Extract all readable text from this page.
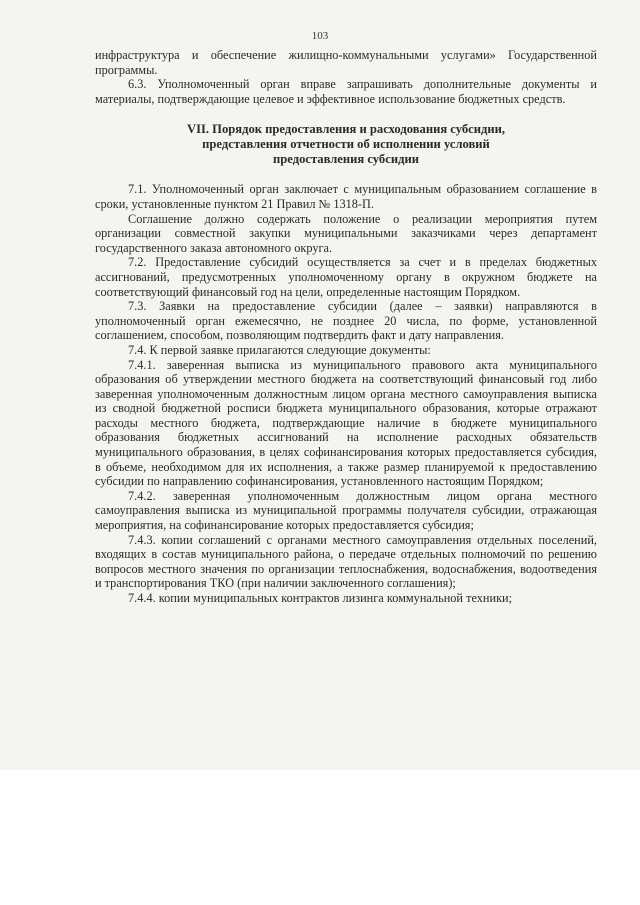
103

инфраструктура и обеспечение жилищно-коммунальными услугами» Государственной программы.

6.3. Уполномоченный орган вправе запрашивать дополнительные документы и материалы, подтверждающие целевое и эффективное использование бюджетных средств.

VII. Порядок предоставления и расходования субсидии,
представления отчетности об исполнении условий
предоставления субсидии

7.1. Уполномоченный орган заключает с муниципальным образованием соглашение в сроки, установленные пунктом 21 Правил № 1318-П.

Соглашение должно содержать положение о реализации мероприятия путем организации совместной закупки муниципальными заказчиками через департамент государственного заказа автономного округа.

7.2. Предоставление субсидий осуществляется за счет и в пределах бюджетных ассигнований, предусмотренных уполномоченному органу в окружном бюджете на соответствующий финансовый год на цели, определенные настоящим Порядком.

7.3. Заявки на предоставление субсидии (далее – заявки) направляются в уполномоченный орган ежемесячно, не позднее 20 числа, по форме, установленной соглашением, способом, позволяющим подтвердить факт и дату направления.

7.4. К первой заявке прилагаются следующие документы:

7.4.1. заверенная выписка из муниципального правового акта муниципального образования об утверждении местного бюджета на соответствующий финансовый год либо заверенная уполномоченным должностным лицом органа местного самоуправления выписка из сводной бюджетной росписи бюджета муниципального образования, которые отражают расходы местного бюджета, подтверждающие наличие в бюджете муниципального образования бюджетных ассигнований на исполнение расходных обязательств муниципального образования, в целях софинансирования которых предоставляется субсидия, в объеме, необходимом для их исполнения, а также размер планируемой к предоставлению субсидии по направлению софинансирования, установленного настоящим Порядком;

7.4.2. заверенная уполномоченным должностным лицом органа местного самоуправления выписка из муниципальной программы получателя субсидии, отражающая мероприятия, на софинансирование которых предоставляется субсидия;

7.4.3. копии соглашений с органами местного самоуправления отдельных поселений, входящих в состав муниципального района, о передаче отдельных полномочий по решению вопросов местного значения по организации теплоснабжения, водоснабжения, водоотведения и транспортирования ТКО (при наличии заключенного соглашения);

7.4.4. копии муниципальных контрактов лизинга коммунальной техники;
